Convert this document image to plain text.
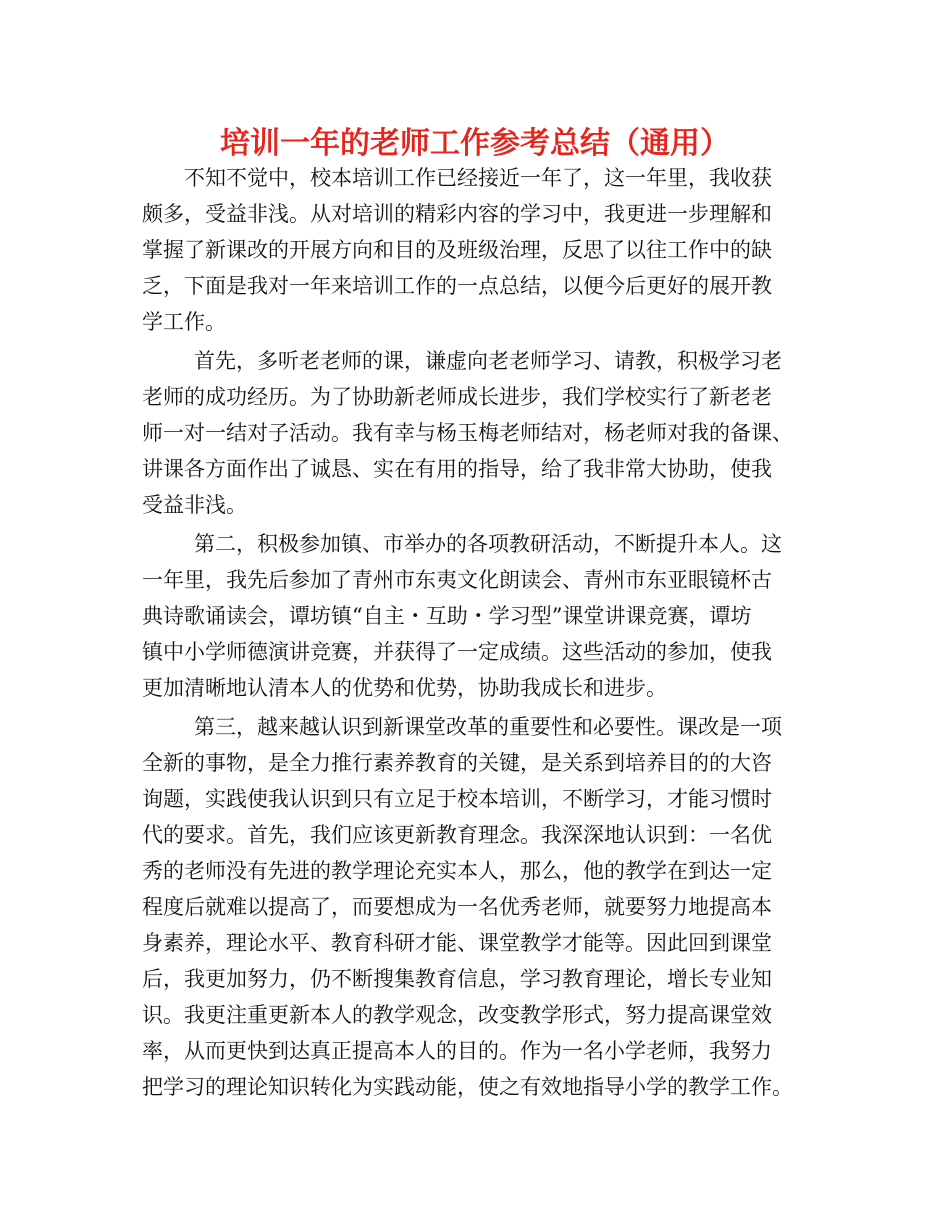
培训一年的老师工作参考总结（通用）
不知不觉中，校本培训工作已经接近一年了，这一年里，我收获
颇多，受益非浅。从对培训的精彩内容的学习中，我更进一步理解和
掌握了新课改的开展方向和目的及班级治理，反思了以往工作中的缺
乏，下面是我对一年来培训工作的一点总结，以便今后更好的展开教
学工作。
首先，多听老老师的课，谦虚向老老师学习、请教，积极学习老
老师的成功经历。为了协助新老师成长进步，我们学校实行了新老老
师一对一结对子活动。我有幸与杨玉梅老师结对，杨老师对我的备课、
讲课各方面作出了诚恳、实在有用的指导，给了我非常大协助，使我
受益非浅。
第二，积极参加镇、市举办的各项教研活动，不断提升本人。这
一年里，我先后参加了青州市东夷文化朗读会、青州市东亚眼镜杯古
典诗歌诵读会，谭坊镇“自主・互助・学习型”课堂讲课竞赛，谭坊
镇中小学师德演讲竞赛，并获得了一定成绩。这些活动的参加，使我
更加清晰地认清本人的优势和优势，协助我成长和进步。
第三，越来越认识到新课堂改革的重要性和必要性。课改是一项
全新的事物，是全力推行素养教育的关键，是关系到培养目的的大咨
询题，实践使我认识到只有立足于校本培训，不断学习，才能习惯时
代的要求。首先，我们应该更新教育理念。我深深地认识到：一名优
秀的老师没有先进的教学理论充实本人，那么，他的教学在到达一定
程度后就难以提高了，而要想成为一名优秀老师，就要努力地提高本
身素养，理论水平、教育科研才能、课堂教学才能等。因此回到课堂
后，我更加努力，仍不断搜集教育信息，学习教育理论，增长专业知
识。我更注重更新本人的教学观念，改变教学形式，努力提高课堂效
率，从而更快到达真正提高本人的目的。作为一名小学老师，我努力
把学习的理论知识转化为实践动能，使之有效地指导小学的教学工作。
